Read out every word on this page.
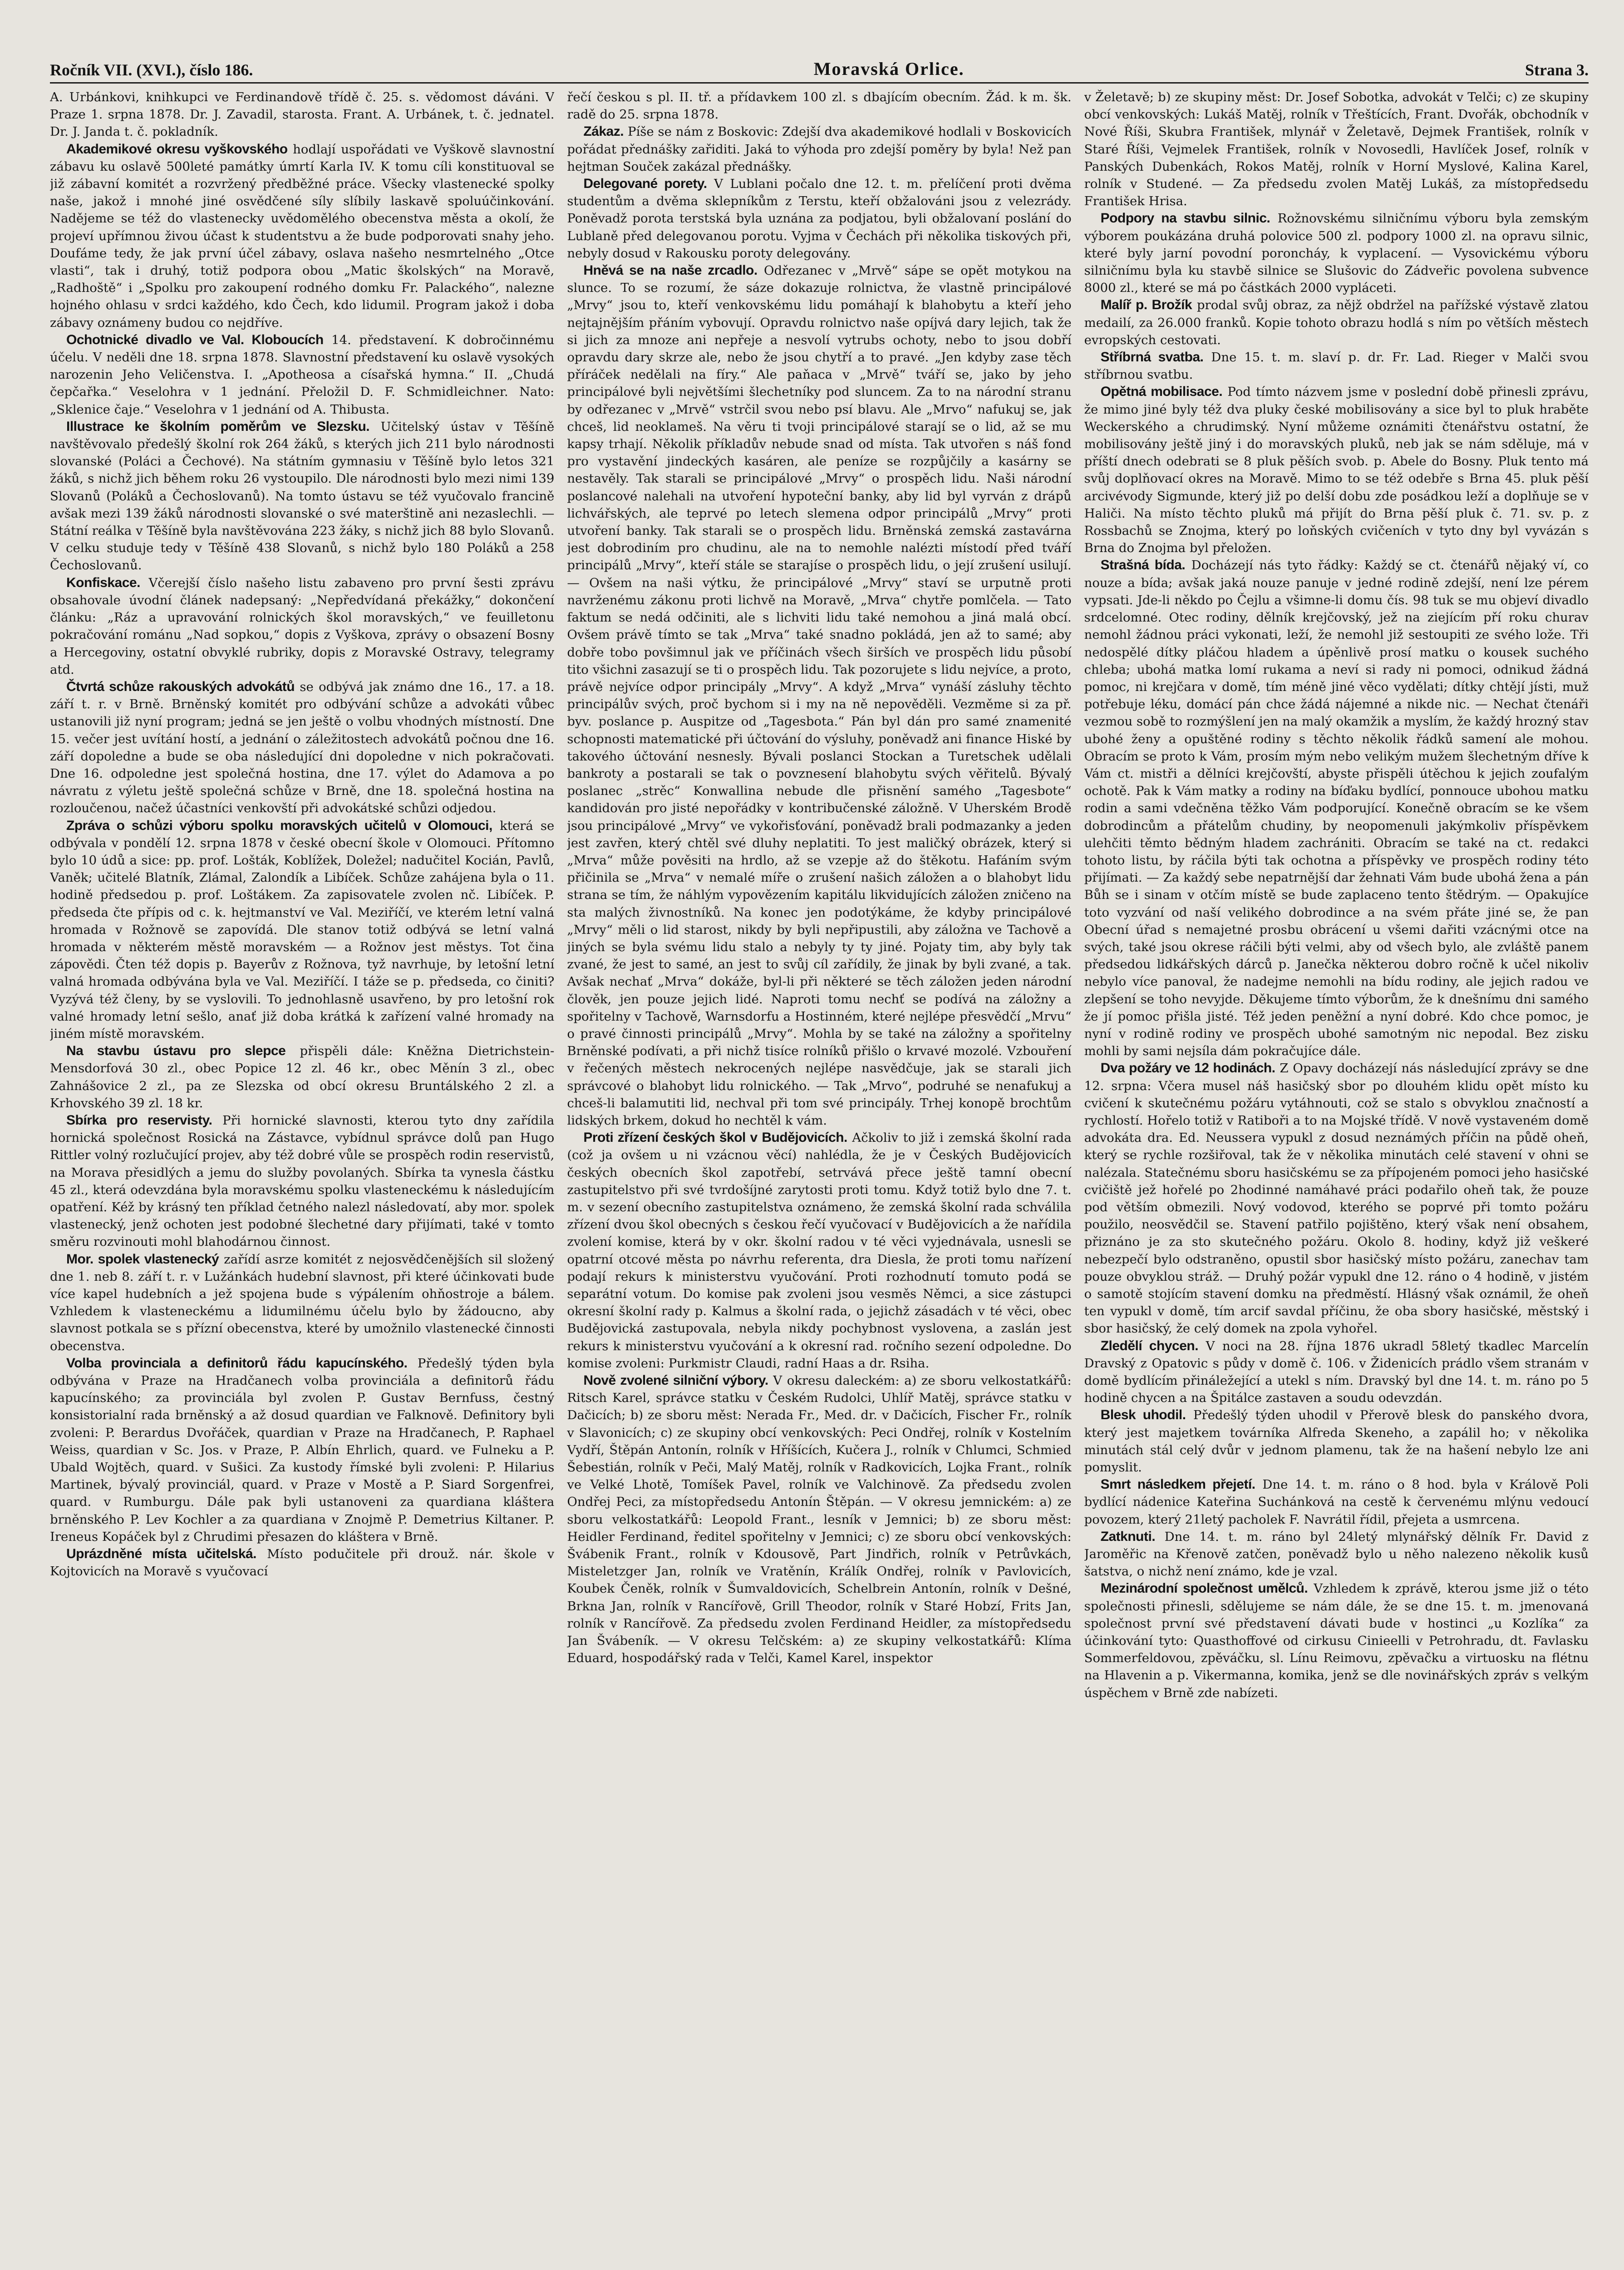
Ročník VII. (XVI.), číslo 186.	Moravská Orlice.	Strana 3.

A. Urbánkovi, knihkupci ve Ferdinandově třídě č. 25. s. vědomost dáváni. V Praze 1. srpna 1878. Dr. J. Zavadil, starosta. Frant. A. Urbánek, t. č. jednatel. Dr. J. Janda t. č. pokladník.

Akademikové okresu vyškovského hodlají uspořádati ve Vyškově slavnostní zábavu ku oslavě 500leté památky úmrtí Karla IV. K tomu cíli konstituoval se již zábavní komitét a rozvržený předběžné práce. Všecky vlastenecké spolky naše, jakož i mnohé jiné osvědčené síly slíbily laskavě spoluúčinkování. Nadějeme se též do vlastenecky uvědomělého obecenstva města a okolí, že projeví upřímnou živou účast k studentstvu a že bude podporovati snahy jeho. Doufáme tedy, že jak první účel zábavy, oslava našeho nesmrtelného „Otce vlasti“, tak i druhý, totiž podpora obou „Matic školských“ na Moravě, „Radhoště“ i „Spolku pro zakoupení rodného domku Fr. Palackého“, nalezne hojného ohlasu v srdci každého, kdo Čech, kdo lidumil. Program jakož i doba zábavy oznámeny budou co nejdříve.

Ochotnické divadlo ve Val. Kloboucích 14. představení. K dobročinnému účelu. V neděli dne 18. srpna 1878. Slavnostní představení ku oslavě vysokých narozenin Jeho Veličenstva. I. „Apotheosa a císařská hymna.“ II. „Chudá čepčařka.“ Veselohra v 1 jednání. Přeložil D. F. Schmidleichner. Nato: „Sklenice čaje.“ Veselohra v 1 jednání od A. Thibusta.

Illustrace ke školním poměrům ve Slezsku. Učitelský ústav v Těšíně navštěvovalo předešlý školní rok 264 žáků, s kterých jich 211 bylo národnosti slovanské (Poláci a Čechové). Na státním gymnasiu v Těšíně bylo letos 321 žáků, s nichž jich během roku 26 vystoupilo. Dle národnosti bylo mezi nimi 139 Slovanů (Poláků a Čechoslovanů). Na tomto ústavu se též vyučovalo francině avšak mezi 139 žáků národnosti slovanské o své materštině ani nezaslechli. — Státní reálka v Těšíně byla navštěvována 223 žáky, s nichž jich 88 bylo Slovanů. V celku studuje tedy v Těšíně 438 Slovanů, s nichž bylo 180 Poláků a 258 Čechoslovanů.

Konfiskace. Včerejší číslo našeho listu zabaveno pro první šesti zprávu obsahovale úvodní článek nadepsaný: „Nepředvídaná překážky,“ dokončení článku: „Ráz a upravování rolnických škol moravských,“ ve feuilletonu pokračování románu „Nad sopkou,“ dopis z Vyškova, zprávy o obsazení Bosny a Hercegoviny, ostatní obvyklé rubriky, dopis z Moravské Ostravy, telegramy atd.

Čtvrtá schůze rakouských advokátů se odbývá jak známo dne 16., 17. a 18. září t. r. v Brně. Brněnský komitét pro odbývání schůze a advokáti vůbec ustanovili již nyní program; jedná se jen ještě o volbu vhodných místností. Dne 15. večer jest uvítání hostí, a jednání o záležitostech advokátů počnou dne 16. září dopoledne a bude se oba následující dni dopoledne v nich pokračovati. Dne 16. odpoledne jest společná hostina, dne 17. výlet do Adamova a po návratu z výletu ještě společná schůze v Brně, dne 18. společná hostina na rozloučenou, načež účastníci venkovští při advokátské schůzi odjedou.

Zpráva o schůzi výboru spolku moravských učitelů v Olomouci, která se odbývala v pondělí 12. srpna 1878 v české obecní škole v Olomouci. Přítomno bylo 10 údů a sice: pp. prof. Lošták, Koblížek, Doležel; nadučitel Kocián, Pavlů, Vaněk; učitelé Blatník, Zlámal, Zalondík a Libíček. Schůze zahájena byla o 11. hodině předsedou p. prof. Loštákem. Za zapisovatele zvolen nč. Libíček. P. předseda čte přípis od c. k. hejtmanství ve Val. Meziříčí, ve kterém letní valná hromada v Rožnově se zapovídá. Dle stanov totiž odbývá se letní valná hromada v některém městě moravském — a Rožnov jest městys. Tot čina zápovědi. Čten též dopis p. Bayerův z Rožnova, tyž navrhuje, by letošní letní valná hromada odbývána byla ve Val. Meziříčí. I táže se p. předseda, co činiti? Vyzývá též členy, by se vyslovili. To jednohlasně usavřeno, by pro letošní rok valné hromady letní sešlo, anať již doba krátká k zařízení valné hromady na jiném místě moravském.

Na stavbu ústavu pro slepce přispěli dále: Kněžna Dietrichstein-Mensdorfová 30 zl., obec Popice 12 zl. 46 kr., obec Měnín 3 zl., obec Zahnášovice 2 zl., pa ze Slezska od obcí okresu Bruntálského 2 zl. a Krhovského 39 zl. 18 kr.

Sbírka pro reservisty. Při hornické slavnosti, kterou tyto dny zařídila hornická společnost Rosická na Zástavce, vybídnul správce dolů pan Hugo Rittler volný rozlučující projev, aby též dobré vůle se prospěch rodin reservistů, na Morava přesidlých a jemu do služby povolaných. Sbírka ta vynesla částku 45 zl., která odevzdána byla moravskému spolku vlasteneckému k následujícím opatření. Kéž by krásný ten příklad četného nalezl následovatí, aby mor. spolek vlastenecký, jenž ochoten jest podobné šlechetné dary přijímati, také v tomto směru rozvinouti mohl blahodárnou činnost.

Mor. spolek vlastenecký zařídí asrze komitét z nejosvědčenějších sil složený dne 1. neb 8. září t. r. v Lužánkách hudební slavnost, při které účinkovati bude více kapel hudebních a jež spojena bude s výpálením ohňostroje a bálem. Vzhledem k vlasteneckému a lidumilnému účelu bylo by žádoucno, aby slavnost potkala se s přízní obecenstva, které by umožnilo vlastenecké činnosti obecenstva.

Volba provinciala a definitorů řádu kapucínského. Předešlý týden byla odbývána v Praze na Hradčanech volba provinciála a definitorů řádu kapucínského; za provinciála byl zvolen P. Gustav Bernfuss, čestný konsistorialní rada brněnský a až dosud quardian ve Falknově. Definitory byli zvoleni: P. Berardus Dvořáček, quardian v Praze na Hradčanech, P. Raphael Weiss, quardian v Sc. Jos. v Praze, P. Albín Ehrlich, quard. ve Fulneku a P. Ubald Wojtěch, quard. v Sušici. Za kustody římské byli zvoleni: P. Hilarius Martinek, bývalý provinciál, quard. v Praze v Mostě a P. Siard Sorgenfrei, quard. v Rumburgu. Dále pak byli ustanoveni za quardiana kláštera brněnského P. Lev Kochler a za quardiana v Znojmě P. Demetrius Kiltaner. P. Ireneus Kopáček byl z Chrudimi přesazen do kláštera v Brně.

Uprázdněné místa učitelská. Místo podučitele při drouž. nár. škole v Kojtovicích na Moravě s vyučovací

řečí českou s pl. II. tř. a přídavkem 100 zl. s dbajícím obecním. Žád. k m. šk. radě do 25. srpna 1878.

Zákaz. Píše se nám z Boskovic: Zdejší dva akademikové hodlali v Boskovicích pořádat přednášky zařiditi. Jaká to výhoda pro zdejší poměry by byla! Než pan hejtman Souček zakázal přednášky.

Delegované porety. V Lublani počalo dne 12. t. m. přelíčení proti dvěma studentům a dvěma sklepníkům z Terstu, kteří obžalováni jsou z velezrády. Poněvadž porota terstská byla uznána za podjatou, byli obžalovaní poslání do Lublaně před delegovanou porotu. Vyjma v Čechách při několika tiskových při, nebyly dosud v Rakousku poroty delegovány.

Hněvá se na naše zrcadlo. Odřezanec v „Mrvě“ sápe se opět motykou na slunce. To se rozumí, že sáze dokazuje rolnictva, že vlastně principálové „Mrvy“ jsou to, kteří venkovskému lidu pomáhají k blahobytu a kteří jeho nejtajnějším přáním vybovují. Opravdu rolnictvo naše opíjvá dary lejich, tak že si jich za mnoze ani nepřeje a nesvolí vytrubs ochoty, nebo to jsou dobří opravdu dary skrze ale, nebo že jsou chytří a to pravé. „Jen kdyby zase těch příráček nedělali na fíry.“ Ale paňaca v „Mrvě“ tváří se, jako by jeho principálové byli největšími šlechetníky pod sluncem. Za to na národní stranu by odřezanec v „Mrvě“ vstrčil svou nebo psí blavu. Ale „Mrvo“ nafukuj se, jak chceš, lid neoklameš. Na věru ti tvoji principálové starají se o lid, až se mu kapsy trhají. Několik příkladův nebude snad od místa. Tak utvořen s náš fond pro vystavění jindeckých kasáren, ale peníze se rozpůjčily a kasárny se nestavěly. Tak starali se principálové „Mrvy“ o prospěch lidu. Naši národní poslancové nalehali na utvoření hypoteční banky, aby lid byl vyrván z drápů lichvářských, ale teprvé po letech slemena odpor principálů „Mrvy“ proti utvoření banky. Tak starali se o prospěch lidu. Brněnská zemská zastavárna jest dobrodiním pro chudinu, ale na to nemohle nalézti místodí před tváří principálů „Mrvy“, kteří stále se starajíse o prospěch lidu, o její zrušení usilují. — Ovšem na naši výtku, že principálové „Mrvy“ staví se urputně proti navrženému zákonu proti lichvě na Moravě, „Mrva“ chytře pomlčela. — Tato faktum se nedá odčiniti, ale s lichviti lidu také nemohou a jiná malá obcí. Ovšem právě tímto se tak „Mrva“ také snadno pokládá, jen až to samé; aby dobře tobo povšimnul jak ve příčinách všech širších ve prospěch lidu působí tito všichni zasazují se ti o prospěch lidu. Tak pozorujete s lidu nejvíce, a proto, právě nejvíce odpor principály „Mrvy“. A když „Mrva“ vynáší zásluhy těchto principálův svých, proč bychom si i my na ně nepověděli. Vezměme si za př. byv. poslance p. Auspitze od „Tagesbota.“ Pán byl dán pro samé znamenité schopnosti matematické při účtování do výsluhy, poněvadž ani finance Hiské by takového účtování nesnesly. Bývali poslanci Stockan a Turetschek udělali bankroty a postarali se tak o povznesení blahobytu svých věřitelů. Bývalý poslanec „strěc“ Konwallina nebude dle přisnění samého „Tagesbote“ kandidován pro jisté nepořádky v kontribučenské záložně. V Uherském Brodě jsou principálové „Mrvy“ ve vykořisťování, poněvadž brali podmazanky a jeden jest zavřen, který chtěl své dluhy neplatiti. To jest maličký obrázek, který si „Mrva“ může pověsiti na hrdlo, až se vzepje až do štěkotu. Hafáním svým přičinila se „Mrva“ v nemalé míře o zrušení našich záložen a o blahobyt lidu strana se tím, že náhlým vypovězením kapitálu likvidujících záložen zničeno na sta malých živnostníků. Na konec jen podotýkáme, že kdyby principálové „Mrvy“ měli o lid starost, nikdy by byli nepřipustili, aby záložna ve Tachově a jiných se byla svému lidu stalo a nebyly ty ty jiné. Pojaty tim, aby byly tak zvané, že jest to samé, an jest to svůj cíl zařídily, že jinak by byli zvané, a tak. Avšak nechať „Mrva“ dokáže, byl-li při některé se těch záložen jeden národní člověk, jen pouze jejich lidé. Naproti tomu nechť se podívá na záložny a spořitelny v Tachově, Warnsdorfu a Hostinném, které nejlépe přesvědčí „Mrvu“ o pravé činnosti principálů „Mrvy“. Mohla by se také na záložny a spořitelny Brněnské podívati, a při nichž tisíce rolníků přišlo o krvavé mozolé. Vzbouření v řečených městech nekrocených nejlépe nasvědčuje, jak se starali jich správcové o blahobyt lidu rolnického. — Tak „Mrvo“, podruhé se nenafukuj a chceš-li balamutiti lid, nechval při tom své principály. Trhej konopě brochtům lidských brkem, dokud ho nechtěl k vám.

Proti zřízení českých škol v Budějovicích. Ačkoliv to již i zemská školní rada (což ja ovšem u ni vzácnou věcí) nahlédla, že je v Českých Budějovicích českých obecních škol zapotřebí, setrvává přece ještě tamní obecní zastupitelstvo při své tvrdošíjné zarytosti proti tomu. Když totiž bylo dne 7. t. m. v sezení obecního zastupitelstva oznámeno, že zemská školní rada schválila zřízení dvou škol obecných s českou řečí vyučovací v Budějovicích a že nařídila zvolení komise, která by v okr. školní radou v té věci vyjednávala, usnesli se opatrní otcové města po návrhu referenta, dra Diesla, že proti tomu nařízení podají rekurs k ministerstvu vyučování. Proti rozhodnutí tomuto podá se separátní votum. Do komise pak zvoleni jsou vesměs Němci, a sice zástupci okresní školní rady p. Kalmus a školní rada, o jejichž zásadách v té věci, obec Budějovická zastupovala, nebyla nikdy pochybnost vyslovena, a zaslán jest rekurs k ministerstvu vyučování a k okresní rad. ročního sezení odpoledne. Do komise zvoleni: Purkmistr Claudi, radní Haas a dr. Rsiha.

Nově zvolené silniční výbory. V okresu daleckém: a) ze sboru velkostatkářů: Ritsch Karel, správce statku v Českém Rudolci, Uhlíř Matěj, správce statku v Dačicích; b) ze sboru měst: Nerada Fr., Med. dr. v Dačicích, Fischer Fr., rolník v Slavonicích; c) ze skupiny obcí venkovských: Peci Ondřej, rolník v Kostelním Vydří, Štěpán Antonín, rolník v Hříšících, Kučera J., rolník v Chlumci, Schmied Šebestián, rolník v Peči, Malý Matěj, rolník v Radkovicích, Lojka Frant., rolník ve Velké Lhotě, Tomíšek Pavel, rolník ve Valchinově. Za předsedu zvolen Ondřej Peci, za místopředsedu Antonín Štěpán. — V okresu jemnickém: a) ze sboru velkostatkářů: Leopold Frant., lesník v Jemnici; b) ze sboru měst: Heidler Ferdinand, ředitel spořitelny v Jemnici; c) ze sboru obcí venkovských: Švábenik Frant., rolník v Kdousově, Part Jindřich, rolník v Petrůvkách, Misteletzger Jan, rolník ve Vratěnín, Králík Ondřej, rolník v Pavlovicích, Koubek Čeněk, rolník v Šumvaldovicích, Schelbrein Antonín, rolník v Dešné, Brkna Jan, rolník v Rancířově, Grill Theodor, rolník v Staré Hobzí, Frits Jan, rolník v Rancířově. Za předsedu zvolen Ferdinand Heidler, za místopředsedu Jan Švábeník. — V okresu Telčském: a) ze skupiny velkostatkářů: Klíma Eduard, hospodářský rada v Telči, Kamel Karel, inspektor

v Želetavě; b) ze skupiny měst: Dr. Josef Sobotka, advokát v Telči; c) ze skupiny obcí venkovských: Lukáš Matěj, rolník v Třeštících, Frant. Dvořák, obchodník v Nové Říši, Skubra František, mlynář v Želetavě, Dejmek František, rolník v Staré Říši, Vejmelek František, rolník v Novosedli, Havlíček Josef, rolník v Panských Dubenkách, Rokos Matěj, rolník v Horní Myslové, Kalina Karel, rolník v Studené. — Za předsedu zvolen Matěj Lukáš, za místopředsedu František Hrisa.

Podpory na stavbu silnic. Rožnovskému silničnímu výboru byla zemským výborem poukázána druhá polovice 500 zl. podpory 1000 zl. na opravu silnic, které byly jarní povodní poroncháy, k vyplacení. — Vysovickému výboru silničnímu byla ku stavbě silnice se Slušovic do Zádveřic povolena subvence 8000 zl., které se má po částkách 2000 vypláceti.

Malíř p. Brožík prodal svůj obraz, za nějž obdržel na pařížské výstavě zlatou medailí, za 26.000 franků. Kopie tohoto obrazu hodlá s ním po větších městech evropských cestovati.

Stříbrná svatba. Dne 15. t. m. slaví p. dr. Fr. Lad. Rieger v Malči svou stříbrnou svatbu.

Opětná mobilisace. Pod tímto názvem jsme v poslední době přinesli zprávu, že mimo jiné byly též dva pluky české mobilisovány a sice byl to pluk hraběte Weckerského a chrudimský. Nyní můžeme oznámiti čtenářstvu ostatní, že mobilisovány ještě jiný i do moravských pluků, neb jak se nám sděluje, má v příští dnech odebrati se 8 pluk pěších svob. p. Abele do Bosny. Pluk tento má svůj doplňovací okres na Moravě. Mimo to se též odebře s Brna 45. pluk pěší arcivévody Sigmunde, který již po delší dobu zde posádkou leží a doplňuje se v Haliči. Na místo těchto pluků má přijít do Brna pěší pluk č. 71. sv. p. z Rossbachů se Znojma, který po loňských cvičeních v tyto dny byl vyvázán s Brna do Znojma byl přeložen.

Strašná bída. Docházejí nás tyto řádky: Každý se ct. čtenářů nějaký ví, co nouze a bída; avšak jaká nouze panuje v jedné rodině zdejší, není lze pérem vypsati. Jde-li někdo po Čejlu a všimne-li domu čís. 98 tuk se mu objeví divadlo srdcelomné. Otec rodiny, dělník krejčovský, jež na ziejícím pří roku churav nemohl žádnou práci vykonati, leží, že nemohl již sestoupiti ze svého lože. Tři nedospělé dítky pláčou hladem a úpěnlivě prosí matku o kousek suchého chleba; ubohá matka lomí rukama a neví si rady ni pomoci, odnikud žádná pomoc, ni krejčara v domě, tím méně jiné věco vydělati; dítky chtějí jísti, muž potřebuje léku, domácí pán chce žádá nájemné a nikde nic. — Nechat čtenáři vezmou sobě to rozmýšlení jen na malý okamžik a myslím, že každý hrozný stav ubohé ženy a opuštěné rodiny s těchto několik řádků samení ale mohou. Obracím se proto k Vám, prosím mým nebo velikým mužem šlechetným dříve k Vám ct. mistři a dělníci krejčovští, abyste přispěli útěchou k jejich zoufalým ochotě. Pak k Vám matky a rodiny na bíďaku bydlící, ponnouce ubohou matku rodin a sami vdečněna těžko Vám podporující. Konečně obracím se ke všem dobrodincům a přátelům chudiny, by neopomenuli jakýmkoliv příspěvkem ulehčiti těmto bědným hladem zachrániti. Obracím se také na ct. redakci tohoto listu, by ráčila býti tak ochotna a příspěvky ve prospěch rodiny této přijímati. — Za každý sebe nepatrnější dar žehnati Vám bude ubohá žena a pán Bůh se i sinam v otčím místě se bude zaplaceno tento štědrým. — Opakujíce toto vyzvání od naší velikého dobrodince a na svém přáte jiné se, že pan Obecní úřad s nemajetné prosbu obrácení u všemi dařiti vzácnými otce na svých, také jsou okrese ráčili býti velmi, aby od všech bylo, ale zvláště panem předsedou lidkářských dárců p. Janečka některou dobro ročně k učel nikoliv nebylo více panoval, že nadejme nemohli na bídu rodiny, ale jejich radou ve zlepšení se toho nevyjde. Děkujeme tímto výborům, že k dnešnímu dni samého že jí pomoc přišla jisté. Též jeden peněžní a nyní dobré. Kdo chce pomoc, je nyní v rodině rodiny ve prospěch ubohé samotným nic nepodal. Bez zisku mohli by sami nejsíla dám pokračujíce dále.

Dva požáry ve 12 hodinách. Z Opavy docházejí nás následující zprávy se dne 12. srpna: Včera musel náš hasičský sbor po dlouhém klidu opět místo ku cvičení k skutečnému požáru vytáhnouti, což se stalo s obvyklou značností a rychlostí. Hořelo totiž v Ratiboři a to na Mojské třídě. V nově vystaveném domě advokáta dra. Ed. Neussera vypukl z dosud neznámých příčin na půdě oheň, který se rychle rozšiřoval, tak že v několika minutách celé stavení v ohni se nalézala. Statečnému sboru hasičskému se za přípojeném pomoci jeho hasičské cvičiště jež hořelé po 2hodinné namáhavé práci podařilo oheň tak, že pouze pod větším obmezili. Nový vodovod, kterého se poprvé při tomto požáru použilo, neosvědčil se. Stavení patřilo pojištěno, který však není obsahem, přiznáno je za sto skutečného požáru. Okolo 8. hodiny, když již veškeré nebezpečí bylo odstraněno, opustil sbor hasičský místo požáru, zanechav tam pouze obvyklou stráž. — Druhý požár vypukl dne 12. ráno o 4 hodině, v jistém o samotě stojícím stavení domku na předměstí. Hlásný však oznámil, že oheň ten vypukl v domě, tím arcif savdal příčinu, že oba sbory hasičské, městský i sbor hasičský, že celý domek na zpola vyhořel.

Zledělí chycen. V noci na 28. října 1876 ukradl 58letý tkadlec Marcelín Dravský z Opatovic s půdy v domě č. 106. v Židenicích prádlo všem stranám v domě bydlícím přináležející a utekl s ním. Dravský byl dne 14. t. m. ráno po 5 hodině chycen a na Špitálce zastaven a soudu odevzdán.

Blesk uhodil. Předešlý týden uhodil v Přerově blesk do panského dvora, který jest majetkem továrníka Alfreda Skeneho, a zapálil ho; v několika minutách stál celý dvůr v jednom plamenu, tak že na hašení nebylo lze ani pomyslit.

Smrt následkem přejetí. Dne 14. t. m. ráno o 8 hod. byla v Králově Poli bydlící nádenice Kateřina Suchánková na cestě k červenému mlýnu vedoucí povozem, který 21letý pacholek F. Navrátil řídil, přejeta a usmrcena.

Zatknuti. Dne 14. t. m. ráno byl 24letý mlynářský dělník Fr. David z Jaroměřic na Křenově zatčen, poněvadž bylo u něho nalezeno několik kusů šatstva, o nichž není známo, kde je vzal.

Mezinárodní společnost umělců. Vzhledem k zprávě, kterou jsme již o této společnosti přinesli, sdělujeme se nám dále, že se dne 15. t. m. jmenovaná společnost první své představení dávati bude v hostinci „u Kozlíka“ za účinkování tyto: Quasthoffové od cirkusu Cinieelli v Petrohradu, dt. Favlasku Sommerfeldovou, zpěváčku, sl. Línu Reimovu, zpěvačku a virtuosku na flétnu na Hlavenin a p. Vikermanna, komika, jenž se dle novinářských zpráv s velkým úspěchem v Brně zde nabízeti.
